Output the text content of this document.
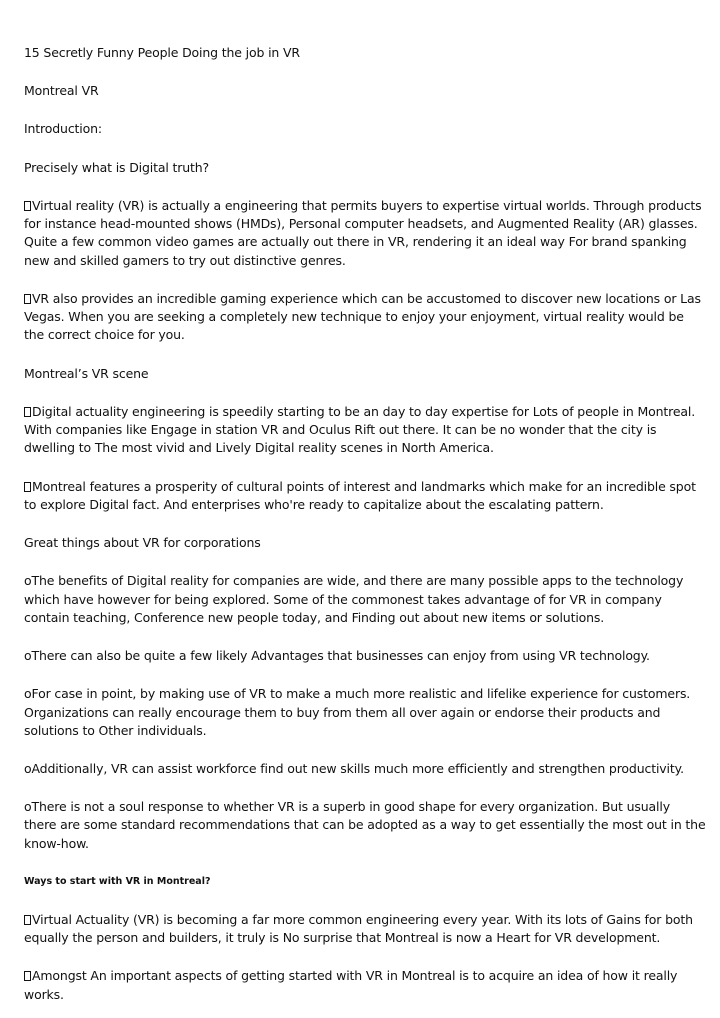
15 Secretly Funny People Doing the job in VR

Montreal VR

Introduction:

Precisely what is Digital truth?

Virtual reality (VR) is actually a engineering that permits buyers to expertise virtual worlds. Through products for instance head-mounted shows (HMDs), Personal computer headsets, and Augmented Reality (AR) glasses. Quite a few common video games are actually out there in VR, rendering it an ideal way For brand spanking new and skilled gamers to try out distinctive genres.

VR also provides an incredible gaming experience which can be accustomed to discover new locations or Las Vegas. When you are seeking a completely new technique to enjoy your enjoyment, virtual reality would be the correct choice for you.

Montreal’s VR scene

Digital actuality engineering is speedily starting to be an day to day expertise for Lots of people in Montreal. With companies like Engage in station VR and Oculus Rift out there. It can be no wonder that the city is dwelling to The most vivid and Lively Digital reality scenes in North America.

Montreal features a prosperity of cultural points of interest and landmarks which make for an incredible spot to explore Digital fact. And enterprises who're ready to capitalize about the escalating pattern.

Great things about VR for corporations

oThe benefits of Digital reality for companies are wide, and there are many possible apps to the technology which have however for being explored. Some of the commonest takes advantage of for VR in company contain teaching, Conference new people today, and Finding out about new items or solutions.

oThere can also be quite a few likely Advantages that businesses can enjoy from using VR technology.

oFor case in point, by making use of VR to make a much more realistic and lifelike experience for customers. Organizations can really encourage them to buy from them all over again or endorse their products and solutions to Other individuals.

oAdditionally, VR can assist workforce find out new skills much more efficiently and strengthen productivity.

oThere is not a soul response to whether VR is a superb in good shape for every organization. But usually there are some standard recommendations that can be adopted as a way to get essentially the most out in the know-how.

Ways to start with VR in Montreal?

Virtual Actuality (VR) is becoming a far more common engineering every year. With its lots of Gains for both equally the person and builders, it truly is No surprise that Montreal is now a Heart for VR development.

Amongst An important aspects of getting started with VR in Montreal is to acquire an idea of how it really works.
